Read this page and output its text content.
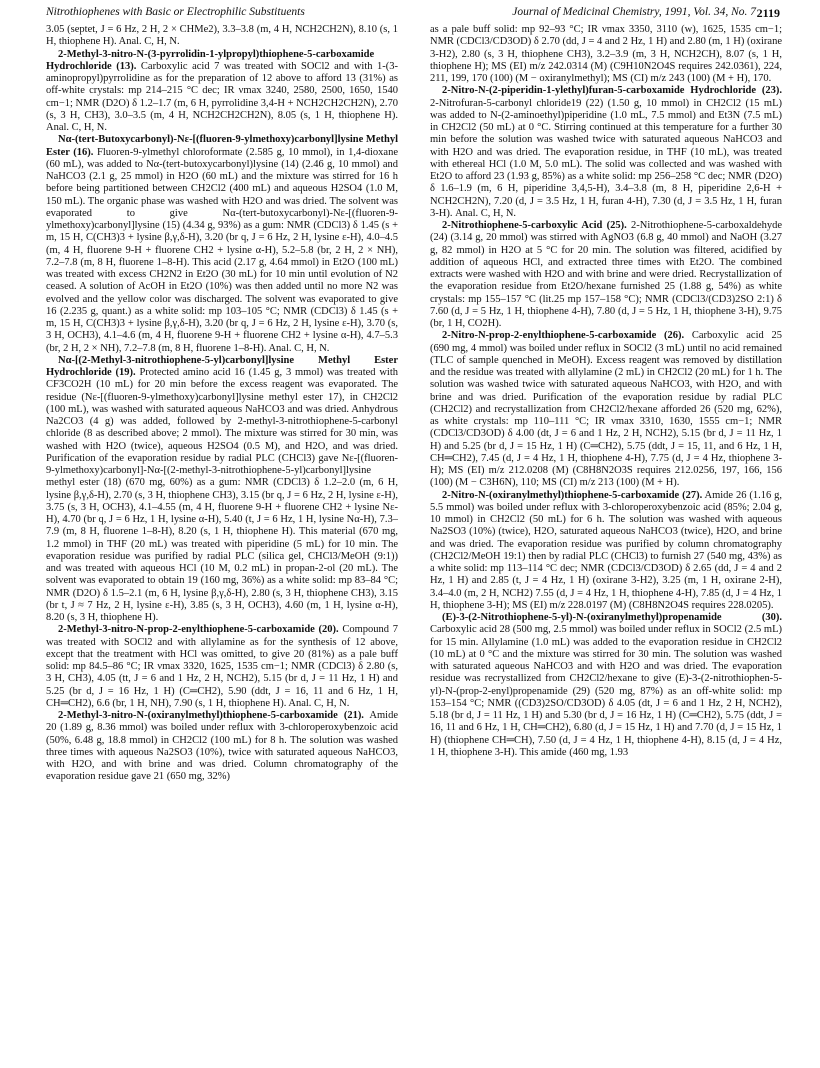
Nitrothiophenes with Basic or Electrophilic Substituents	Journal of Medicinal Chemistry, 1991, Vol. 34, No. 7 2119

3.05 (septet, J = 6 Hz, 2 H, 2 × CHMe2), 3.3–3.8 (m, 4 H, NCH2CH2N), 8.10 (s, 1 H, thiophene H). Anal. C, H, N.

2-Methyl-3-nitro-N-(3-pyrrolidin-1-ylpropyl)thiophene-5-carboxamide Hydrochloride (13). Carboxylic acid 7 was treated with SOCl2 and with 1-(3-aminopropyl)pyrrolidine as for the preparation of 12 above to afford 13 (31%) as off-white crystals: mp 214–215 °C dec; IR νmax 3240, 2580, 2500, 1650, 1540 cm−1; NMR (D2O) δ 1.2–1.7 (m, 6 H, pyrrolidine 3,4-H + NCH2CH2CH2N), 2.70 (s, 3 H, CH3), 3.0–3.5 (m, 4 H, NCH2CH2CH2N), 8.05 (s, 1 H, thiophene H). Anal. C, H, N.

Nα-(tert-Butoxycarbonyl)-Nε-[(fluoren-9-ylmethoxy)carbonyl]lysine Methyl Ester (16). Fluoren-9-ylmethyl chloroformate (2.585 g, 10 mmol), in 1,4-dioxane (60 mL), was added to Nα-(tert-butoxycarbonyl)lysine (14) (2.46 g, 10 mmol) and NaHCO3 (2.1 g, 25 mmol) in H2O (60 mL) and the mixture was stirred for 16 h before being partitioned between CH2Cl2 (400 mL) and aqueous H2SO4 (1.0 M, 150 mL). The organic phase was washed with H2O and was dried. The solvent was evaporated to give Nα-(tert-butoxycarbonyl)-Nε-[(fluoren-9-ylmethoxy)carbonyl]lysine (15) (4.34 g, 93%) as a gum: NMR (CDCl3) δ 1.45 (s + m, 15 H, C(CH3)3 + lysine β,γ,δ-H), 3.20 (br q, J = 6 Hz, 2 H, lysine ε-H), 4.0–4.5 (m, 4 H, fluorene 9-H + fluorene CH2 + lysine α-H), 5.2–5.8 (br, 2 H, 2 × NH), 7.2–7.8 (m, 8 H, fluorene 1–8-H). This acid (2.17 g, 4.64 mmol) in Et2O (100 mL) was treated with excess CH2N2 in Et2O (30 mL) for 10 min until evolution of N2 ceased. A solution of AcOH in Et2O (10%) was then added until no more N2 was evolved and the yellow color was discharged. The solvent was evaporated to give 16 (2.235 g, quant.) as a white solid: mp 103–105 °C; NMR (CDCl3) δ 1.45 (s + m, 15 H, C(CH3)3 + lysine β,γ,δ-H), 3.20 (br q, J = 6 Hz, 2 H, lysine ε-H), 3.70 (s, 3 H, OCH3), 4.1–4.6 (m, 4 H, fluorene 9-H + fluorene CH2 + lysine α-H), 4.7–5.3 (br, 2 H, 2 × NH), 7.2–7.8 (m, 8 H, fluorene 1–8-H). Anal. C, H, N.

Nα-[(2-Methyl-3-nitrothiophene-5-yl)carbonyl]lysine Methyl Ester Hydrochloride (19). Protected amino acid 16 (1.45 g, 3 mmol) was treated with CF3CO2H (10 mL) for 20 min before the excess reagent was evaporated. The residue (Nε-[(fluoren-9-ylmethoxy)carbonyl]lysine methyl ester 17), in CH2Cl2 (100 mL), was washed with saturated aqueous NaHCO3 and was dried. Anhydrous Na2CO3 (4 g) was added, followed by 2-methyl-3-nitrothiophene-5-carbonyl chloride (8 as described above; 2 mmol). The mixture was stirred for 30 min, was washed with H2O (twice), aqueous H2SO4 (0.5 M), and H2O, and was dried. Purification of the evaporation residue by radial PLC (CHCl3) gave Nε-[(fluoren-9-ylmethoxy)carbonyl]-Nα-[(2-methyl-3-nitrothiophene-5-yl)carbonyl]lysine methyl ester (18) (670 mg, 60%) as a gum: NMR (CDCl3) δ 1.2–2.0 (m, 6 H, lysine β,γ,δ-H), 2.70 (s, 3 H, thiophene CH3), 3.15 (br q, J = 6 Hz, 2 H, lysine ε-H), 3.75 (s, 3 H, OCH3), 4.1–4.55 (m, 4 H, fluorene 9-H + fluorene CH2 + lysine Nε-H), 4.70 (br q, J = 6 Hz, 1 H, lysine α-H), 5.40 (t, J = 6 Hz, 1 H, lysine Nα-H), 7.3–7.9 (m, 8 H, fluorene 1–8-H), 8.20 (s, 1 H, thiophene H). This material (670 mg, 1.2 mmol) in THF (20 mL) was treated with piperidine (5 mL) for 10 min. The evaporation residue was purified by radial PLC (silica gel, CHCl3/MeOH (9:1)) and was treated with aqueous HCl (10 M, 0.2 mL) in propan-2-ol (20 mL). The solvent was evaporated to obtain 19 (160 mg, 36%) as a white solid: mp 83–84 °C; NMR (D2O) δ 1.5–2.1 (m, 6 H, lysine β,γ,δ-H), 2.80 (s, 3 H, thiophene CH3), 3.15 (br t, J ≈ 7 Hz, 2 H, lysine ε-H), 3.85 (s, 3 H, OCH3), 4.60 (m, 1 H, lysine α-H), 8.20 (s, 3 H, thiophene H).

2-Methyl-3-nitro-N-prop-2-enylthiophene-5-carboxamide (20). Compound 7 was treated with SOCl2 and with allylamine as for the synthesis of 12 above, except that the treatment with HCl was omitted, to give 20 (81%) as a pale buff solid: mp 84.5–86 °C; IR νmax 3320, 1625, 1535 cm−1; NMR (CDCl3) δ 2.80 (s, 3 H, CH3), 4.05 (tt, J = 6 and 1 Hz, 2 H, NCH2), 5.15 (br d, J = 11 Hz, 1 H) and 5.25 (br d, J = 16 Hz, 1 H) (C═CH2), 5.90 (ddt, J = 16, 11 and 6 Hz, 1 H, CH═CH2), 6.6 (br, 1 H, NH), 7.90 (s, 1 H, thiophene H). Anal. C, H, N.

2-Methyl-3-nitro-N-(oxiranylmethyl)thiophene-5-carboxamide (21). Amide 20 (1.89 g, 8.36 mmol) was boiled under reflux with 3-chloroperoxybenzoic acid (50%, 6.48 g, 18.8 mmol) in CH2Cl2 (100 mL) for 8 h. The solution was washed three times with aqueous Na2SO3 (10%), twice with saturated aqueous NaHCO3, with H2O, and with brine and was dried. Column chromatography of the evaporation residue gave 21 (650 mg, 32%)

as a pale buff solid: mp 92–93 °C; IR νmax 3350, 3110 (w), 1625, 1535 cm−1; NMR (CDCl3/CD3OD) δ 2.70 (dd, J = 4 and 2 Hz, 1 H) and 2.80 (m, 1 H) (oxirane 3-H2), 2.80 (s, 3 H, thiophene CH3), 3.2–3.9 (m, 3 H, NCH2CH), 8.07 (s, 1 H, thiophene H); MS (EI) m/z 242.0314 (M) (C9H10N2O4S requires 242.0361), 224, 211, 199, 170 (100) (M − oxiranylmethyl); MS (CI) m/z 243 (100) (M + H), 170.

2-Nitro-N-(2-piperidin-1-ylethyl)furan-5-carboxamide Hydrochloride (23). 2-Nitrofuran-5-carbonyl chloride19 (22) (1.50 g, 10 mmol) in CH2Cl2 (15 mL) was added to N-(2-aminoethyl)piperidine (1.0 mL, 7.5 mmol) and Et3N (7.5 mL) in CH2Cl2 (50 mL) at 0 °C. Stirring continued at this temperature for a further 30 min before the solution was washed twice with saturated aqueous NaHCO3 and with H2O and was dried. The evaporation residue, in THF (10 mL), was treated with ethereal HCl (1.0 M, 5.0 mL). The solid was collected and was washed with Et2O to afford 23 (1.93 g, 85%) as a white solid: mp 256–258 °C dec; NMR (D2O) δ 1.6–1.9 (m, 6 H, piperidine 3,4,5-H), 3.4–3.8 (m, 8 H, piperidine 2,6-H + NCH2CH2N), 7.20 (d, J = 3.5 Hz, 1 H, furan 4-H), 7.30 (d, J = 3.5 Hz, 1 H, furan 3-H). Anal. C, H, N.

2-Nitrothiophene-5-carboxylic Acid (25). 2-Nitrothiophene-5-carboxaldehyde (24) (3.14 g, 20 mmol) was stirred with AgNO3 (6.8 g, 40 mmol) and NaOH (3.27 g, 82 mmol) in H2O at 5 °C for 20 min. The solution was filtered, acidified by addition of aqueous HCl, and extracted three times with Et2O. The combined extracts were washed with H2O and with brine and were dried. Recrystallization of the evaporation residue from Et2O/hexane furnished 25 (1.88 g, 54%) as white crystals: mp 155–157 °C (lit.25 mp 157–158 °C); NMR (CDCl3/(CD3)2SO 2:1) δ 7.60 (d, J = 5 Hz, 1 H, thiophene 4-H), 7.80 (d, J = 5 Hz, 1 H, thiophene 3-H), 9.75 (br, 1 H, CO2H).

2-Nitro-N-prop-2-enylthiophene-5-carboxamide (26). Carboxylic acid 25 (690 mg, 4 mmol) was boiled under reflux in SOCl2 (3 mL) until no acid remained (TLC of sample quenched in MeOH). Excess reagent was removed by distillation and the residue was treated with allylamine (2 mL) in CH2Cl2 (20 mL) for 1 h. The solution was washed twice with saturated aqueous NaHCO3, with H2O, and with brine and was dried. Purification of the evaporation residue by radial PLC (CH2Cl2) and recrystallization from CH2Cl2/hexane afforded 26 (520 mg, 62%), as white crystals: mp 110–111 °C; IR νmax 3310, 1630, 1555 cm−1; NMR (CDCl3/CD3OD) δ 4.00 (dt, J = 6 and 1 Hz, 2 H, NCH2), 5.15 (br d, J = 11 Hz, 1 H) and 5.25 (br d, J = 15 Hz, 1 H) (C═CH2), 5.75 (ddt, J = 15, 11, and 6 Hz, 1 H, CH═CH2), 7.45 (d, J = 4 Hz, 1 H, thiophene 4-H), 7.75 (d, J = 4 Hz, thiophene 3-H); MS (EI) m/z 212.0208 (M) (C8H8N2O3S requires 212.0256, 197, 166, 156 (100) (M − C3H6N), 110; MS (CI) m/z 213 (100) (M + H).

2-Nitro-N-(oxiranylmethyl)thiophene-5-carboxamide (27). Amide 26 (1.16 g, 5.5 mmol) was boiled under reflux with 3-chloroperoxybenzoic acid (85%; 2.04 g, 10 mmol) in CH2Cl2 (50 mL) for 6 h. The solution was washed with aqueous Na2SO3 (10%) (twice), H2O, saturated aqueous NaHCO3 (twice), H2O, and brine and was dried. The evaporation residue was purified by column chromatography (CH2Cl2/MeOH 19:1) then by radial PLC (CHCl3) to furnish 27 (540 mg, 43%) as a white solid: mp 113–114 °C dec; NMR (CDCl3/CD3OD) δ 2.65 (dd, J = 4 and 2 Hz, 1 H) and 2.85 (t, J = 4 Hz, 1 H) (oxirane 3-H2), 3.25 (m, 1 H, oxirane 2-H), 3.4–4.0 (m, 2 H, NCH2) 7.55 (d, J = 4 Hz, 1 H, thiophene 4-H), 7.85 (d, J = 4 Hz, 1 H, thiophene 3-H); MS (EI) m/z 228.0197 (M) (C8H8N2O4S requires 228.0205).

(E)-3-(2-Nitrothiophene-5-yl)-N-(oxiranylmethyl)propenamide (30). Carboxylic acid 28 (500 mg, 2.5 mmol) was boiled under reflux in SOCl2 (2.5 mL) for 15 min. Allylamine (1.0 mL) was added to the evaporation residue in CH2Cl2 (10 mL) at 0 °C and the mixture was stirred for 30 min. The solution was washed with saturated aqueous NaHCO3 and with H2O and was dried. The evaporation residue was recrystallized from CH2Cl2/hexane to give (E)-3-(2-nitrothiophen-5-yl)-N-(prop-2-enyl)propenamide (29) (520 mg, 87%) as an off-white solid: mp 153–154 °C; NMR ((CD3)2SO/CD3OD) δ 4.05 (dt, J = 6 and 1 Hz, 2 H, NCH2), 5.18 (br d, J = 11 Hz, 1 H) and 5.30 (br d, J = 16 Hz, 1 H) (C═CH2), 5.75 (ddt, J = 16, 11 and 6 Hz, 1 H, CH═CH2), 6.80 (d, J = 15 Hz, 1 H) and 7.70 (d, J = 15 Hz, 1 H) (thiophene CH═CH), 7.50 (d, J = 4 Hz, 1 H, thiophene 4-H), 8.15 (d, J = 4 Hz, 1 H, thiophene 3-H). This amide (460 mg, 1.93
